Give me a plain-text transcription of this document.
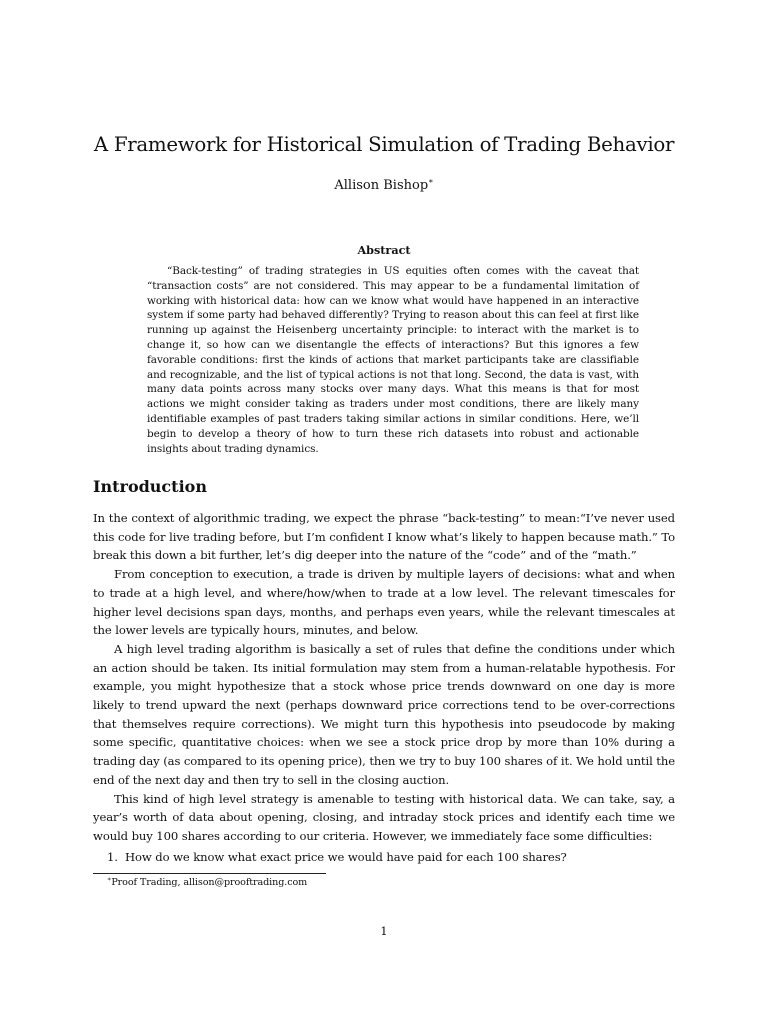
A Framework for Historical Simulation of Trading Behavior
Allison Bishop∗
Abstract

“Back-testing” of trading strategies in US equities often comes with the caveat that “transaction costs” are not considered. This may appear to be a fundamental limitation of working with historical data: how can we know what would have happened in an interactive system if some party had behaved differently? Trying to reason about this can feel at first like running up against the Heisenberg uncertainty principle: to interact with the market is to change it, so how can we disentangle the effects of interactions? But this ignores a few favorable conditions: first the kinds of actions that market participants take are classifiable and recognizable, and the list of typical actions is not that long. Second, the data is vast, with many data points across many stocks over many days. What this means is that for most actions we might consider taking as traders under most conditions, there are likely many identifiable examples of past traders taking similar actions in similar conditions. Here, we’ll begin to develop a theory of how to turn these rich datasets into robust and actionable insights about trading dynamics.

Introduction

In the context of algorithmic trading, we expect the phrase “back-testing” to mean:“I’ve never used this code for live trading before, but I’m confident I know what’s likely to happen because math.” To break this down a bit further, let’s dig deeper into the nature of the “code” and of the “math.”

From conception to execution, a trade is driven by multiple layers of decisions: what and when to trade at a high level, and where/how/when to trade at a low level. The relevant timescales for higher level decisions span days, months, and perhaps even years, while the relevant timescales at the lower levels are typically hours, minutes, and below.

A high level trading algorithm is basically a set of rules that define the conditions under which an action should be taken. Its initial formulation may stem from a human-relatable hypothesis. For example, you might hypothesize that a stock whose price trends downward on one day is more likely to trend upward the next (perhaps downward price corrections tend to be over-corrections that themselves require corrections). We might turn this hypothesis into pseudocode by making some specific, quantitative choices: when we see a stock price drop by more than 10% during a trading day (as compared to its opening price), then we try to buy 100 shares of it. We hold until the end of the next day and then try to sell in the closing auction.

This kind of high level strategy is amenable to testing with historical data. We can take, say, a year’s worth of data about opening, closing, and intraday stock prices and identify each time we would buy 100 shares according to our criteria. However, we immediately face some difficulties:

1. How do we know what exact price we would have paid for each 100 shares?
∗Proof Trading, allison@prooftrading.com
1
